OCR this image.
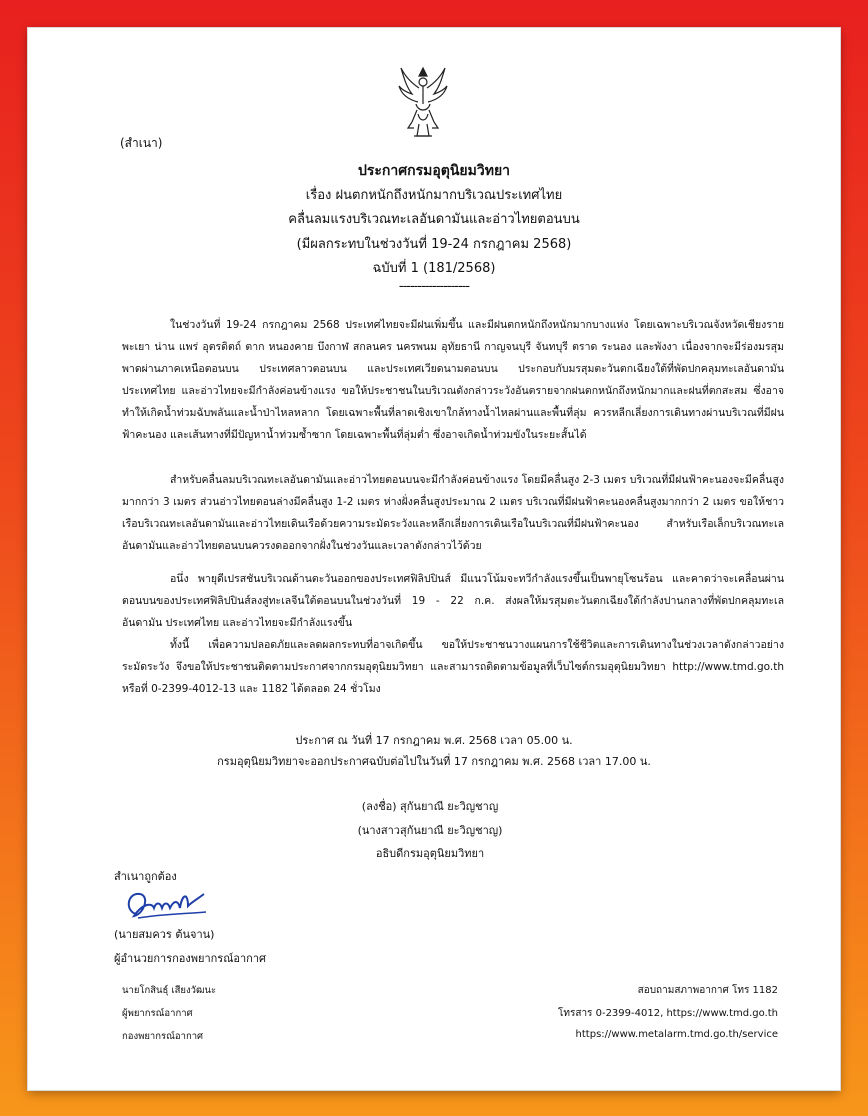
(สำเนา)
ประกาศกรมอุตุนิยมวิทยา
เรื่อง ฝนตกหนักถึงหนักมากบริเวณประเทศไทย
คลื่นลมแรงบริเวณทะเลอันดามันและอ่าวไทยตอนบน
(มีผลกระทบในช่วงวันที่ 19-24 กรกฎาคม 2568)
ฉบับที่ 1 (181/2568)
-------------------

ในช่วงวันที่ 19-24 กรกฎาคม 2568 ประเทศไทยจะมีฝนเพิ่มขึ้น และมีฝนตกหนักถึงหนักมากบางแห่ง โดยเฉพาะบริเวณจังหวัดเชียงราย พะเยา น่าน แพร่ อุตรดิตถ์ ตาก หนองคาย บึงกาฬ สกลนคร นครพนม อุทัยธานี กาญจนบุรี จันทบุรี ตราด ระนอง และพังงา เนื่องจากจะมีร่องมรสุมพาดผ่านภาคเหนือตอนบน ประเทศลาวตอนบน และประเทศเวียดนามตอนบน ประกอบกับมรสุมตะวันตกเฉียงใต้ที่พัดปกคลุมทะเลอันดามัน ประเทศไทย และอ่าวไทยจะมีกำลังค่อนข้างแรง ขอให้ประชาชนในบริเวณดังกล่าวระวังอันตรายจากฝนตกหนักถึงหนักมากและฝนที่ตกสะสม ซึ่งอาจทำให้เกิดน้ำท่วมฉับพลันและน้ำป่าไหลหลาก โดยเฉพาะพื้นที่ลาดเชิงเขาใกล้ทางน้ำไหลผ่านและพื้นที่ลุ่ม ควรหลีกเลี่ยงการเดินทางผ่านบริเวณที่มีฝนฟ้าคะนอง และเส้นทางที่มีปัญหาน้ำท่วมซ้ำซาก โดยเฉพาะพื้นที่ลุ่มต่ำ ซึ่งอาจเกิดน้ำท่วมขังในระยะสั้นได้

สำหรับคลื่นลมบริเวณทะเลอันดามันและอ่าวไทยตอนบนจะมีกำลังค่อนข้างแรง โดยมีคลื่นสูง 2-3 เมตร บริเวณที่มีฝนฟ้าคะนองจะมีคลื่นสูงมากกว่า 3 เมตร ส่วนอ่าวไทยตอนล่างมีคลื่นสูง 1-2 เมตร ห่างฝั่งคลื่นสูงประมาณ 2 เมตร บริเวณที่มีฝนฟ้าคะนองคลื่นสูงมากกว่า 2 เมตร ขอให้ชาวเรือบริเวณทะเลอันดามันและอ่าวไทยเดินเรือด้วยความระมัดระวังและหลีกเลี่ยงการเดินเรือในบริเวณที่มีฝนฟ้าคะนอง สำหรับเรือเล็กบริเวณทะเลอันดามันและอ่าวไทยตอนบนควรงดออกจากฝั่งในช่วงวันและเวลาดังกล่าวไว้ด้วย

อนึ่ง พายุดีเปรสชันบริเวณด้านตะวันออกของประเทศฟิลิปปินส์ มีแนวโน้มจะทวีกำลังแรงขึ้นเป็นพายุโซนร้อน และคาดว่าจะเคลื่อนผ่านตอนบนของประเทศฟิลิปปินส์ลงสู่ทะเลจีนใต้ตอนบนในช่วงวันที่ 19 - 22 ก.ค. ส่งผลให้มรสุมตะวันตกเฉียงใต้กำลังปานกลางที่พัดปกคลุมทะเลอันดามัน ประเทศไทย และอ่าวไทยจะมีกำลังแรงขึ้น

ทั้งนี้ เพื่อความปลอดภัยและลดผลกระทบที่อาจเกิดขึ้น ขอให้ประชาชนวางแผนการใช้ชีวิตและการเดินทางในช่วงเวลาดังกล่าวอย่างระมัดระวัง จึงขอให้ประชาชนติดตามประกาศจากกรมอุตุนิยมวิทยา และสามารถติดตามข้อมูลที่เว็บไซต์กรมอุตุนิยมวิทยา http://www.tmd.go.th หรือที่ 0-2399-4012-13 และ 1182 ได้ตลอด 24 ชั่วโมง

ประกาศ ณ วันที่ 17 กรกฎาคม พ.ศ. 2568 เวลา 05.00 น.
กรมอุตุนิยมวิทยาจะออกประกาศฉบับต่อไปในวันที่ 17 กรกฎาคม พ.ศ. 2568 เวลา 17.00 น.
(ลงชื่อ) สุกันยาณี ยะวิญชาญ
(นางสาวสุกันยาณี ยะวิญชาญ)
อธิบดีกรมอุตุนิยมวิทยา
สำเนาถูกต้อง
(นายสมควร ต้นจาน)
ผู้อำนวยการกองพยากรณ์อากาศ
นายโกสินธุ์ เสียงวัฒนะ
ผู้พยากรณ์อากาศ
กองพยากรณ์อากาศ
สอบถามสภาพอากาศ โทร 1182
โทรสาร 0-2399-4012, https://www.tmd.go.th
https://www.metalarm.tmd.go.th/service
